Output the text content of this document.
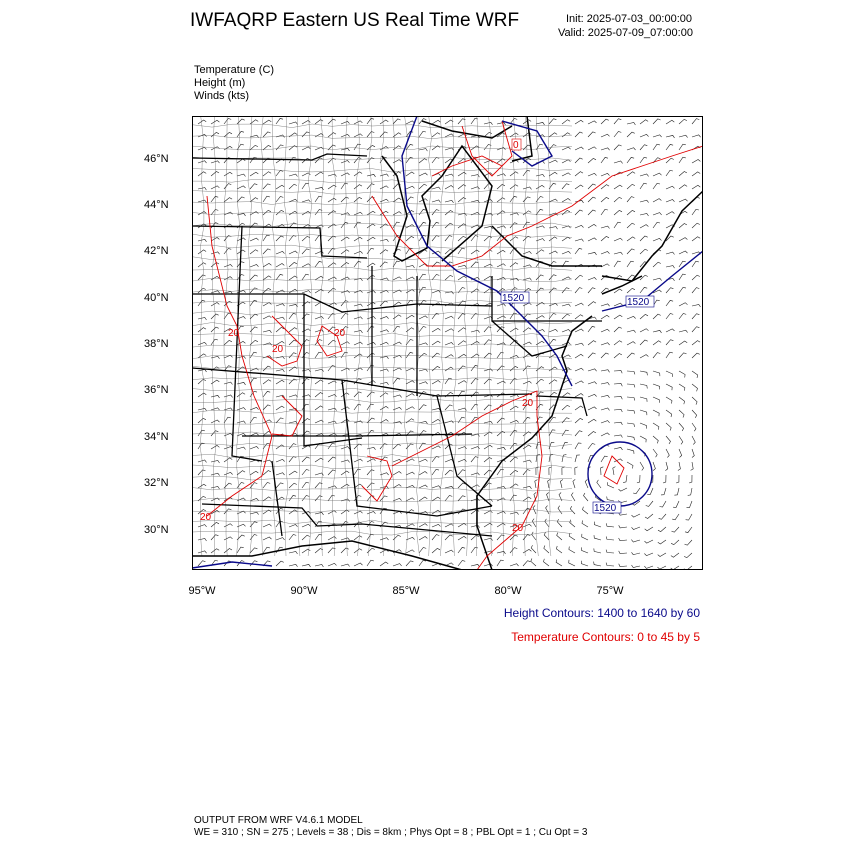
IWFAQRP Eastern US Real Time WRF	Init: 2025-07-03_00:00:00
Valid: 2025-07-09_07:00:00
Temperature (C)
Height (m)
Winds (kts)
1520	1520
1520
0
20
20
20
20
20
20
95°W	90°W	85°W	80°W	75°W
46°N
44°N
42°N
40°N
38°N
36°N
34°N
32°N
30°N
Height Contours: 1400 to 1640 by 60
Temperature Contours: 0 to 45 by 5
OUTPUT FROM WRF V4.6.1 MODEL
WE = 310 ; SN = 275 ; Levels = 38 ; Dis = 8km ; Phys Opt = 8 ; PBL Opt = 1 ; Cu Opt = 3
